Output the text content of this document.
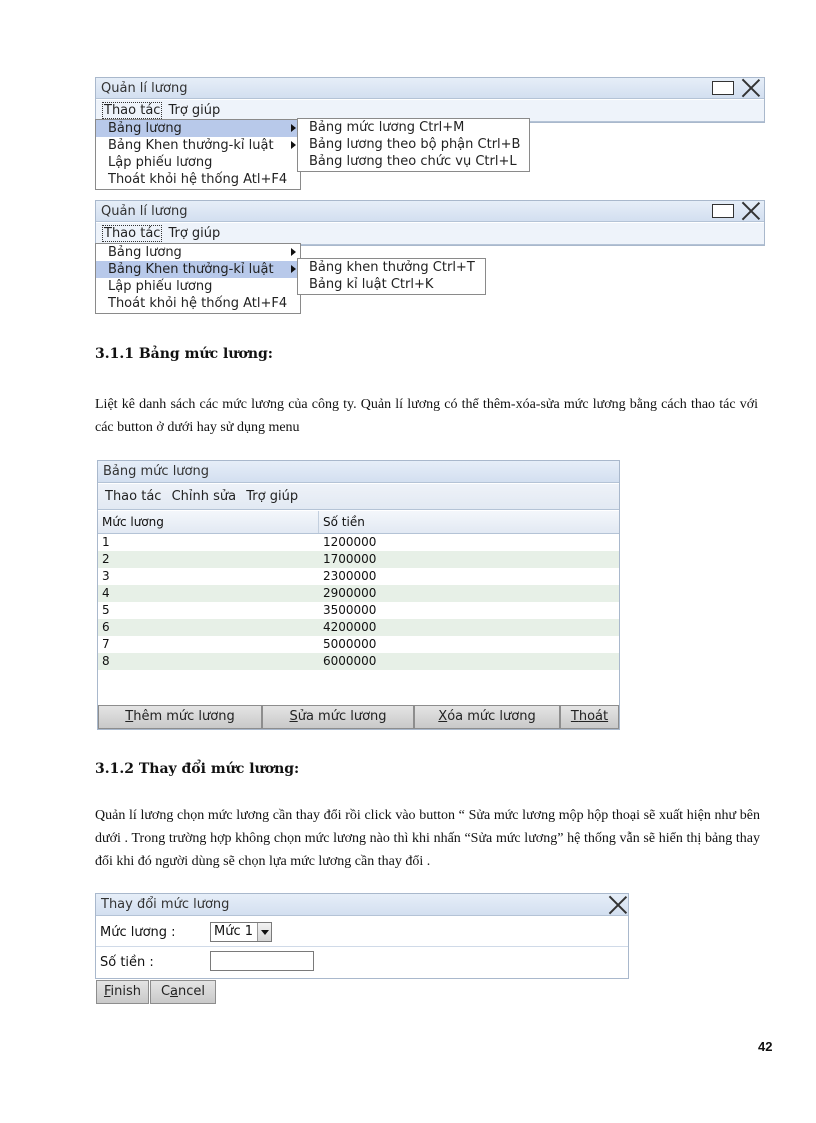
Quản lí lương
Thao tác Trợ giúp
Bảng lương
Bảng Khen thưởng-kỉ luật
Lập phiếu lương
Thoát khỏi hệ thống Atl+F4
Bảng mức lương Ctrl+M
Bảng lương theo bộ phận Ctrl+B
Bảng lương theo chức vụ Ctrl+L
Quản lí lương
Thao tác Trợ giúp
Bảng lương
Bảng Khen thưởng-kỉ luật
Lập phiếu lương
Thoát khỏi hệ thống Atl+F4
Bảng khen thưởng Ctrl+T
Bảng kỉ luật Ctrl+K
3.1.1 Bảng mức lương:
Liệt kê danh sách các mức lương của công ty. Quản lí lương có thể thêm-xóa-sửa mức lương bằng cách thao tác với các button ở dưới hay sử dụng menu
Bảng mức lương
Thao tác Chỉnh sửa Trợ giúp
Mức lương	Số tiền
1	1200000
2	1700000
3	2300000
4	2900000
5	3500000
6	4200000
7	5000000
8	6000000
Thêm mức lương	Sửa mức lương	Xóa mức lương	Thoát
3.1.2 Thay đổi mức lương:
Quản lí lương chọn mức lương cần thay đổi rồi click vào button “ Sửa mức lương mộp hộp thoại sẽ xuất hiện như bên dưới . Trong trường hợp không chọn mức lương nào thì khi nhấn “Sửa mức lương” hệ thống vẫn sẽ hiển thị bảng thay đổi khi đó người dùng sẽ chọn lựa mức lương cần thay đổi .
Thay đổi mức lương
Mức lương :	Mức 1
Số tiền :
Finish	Cancel
42
